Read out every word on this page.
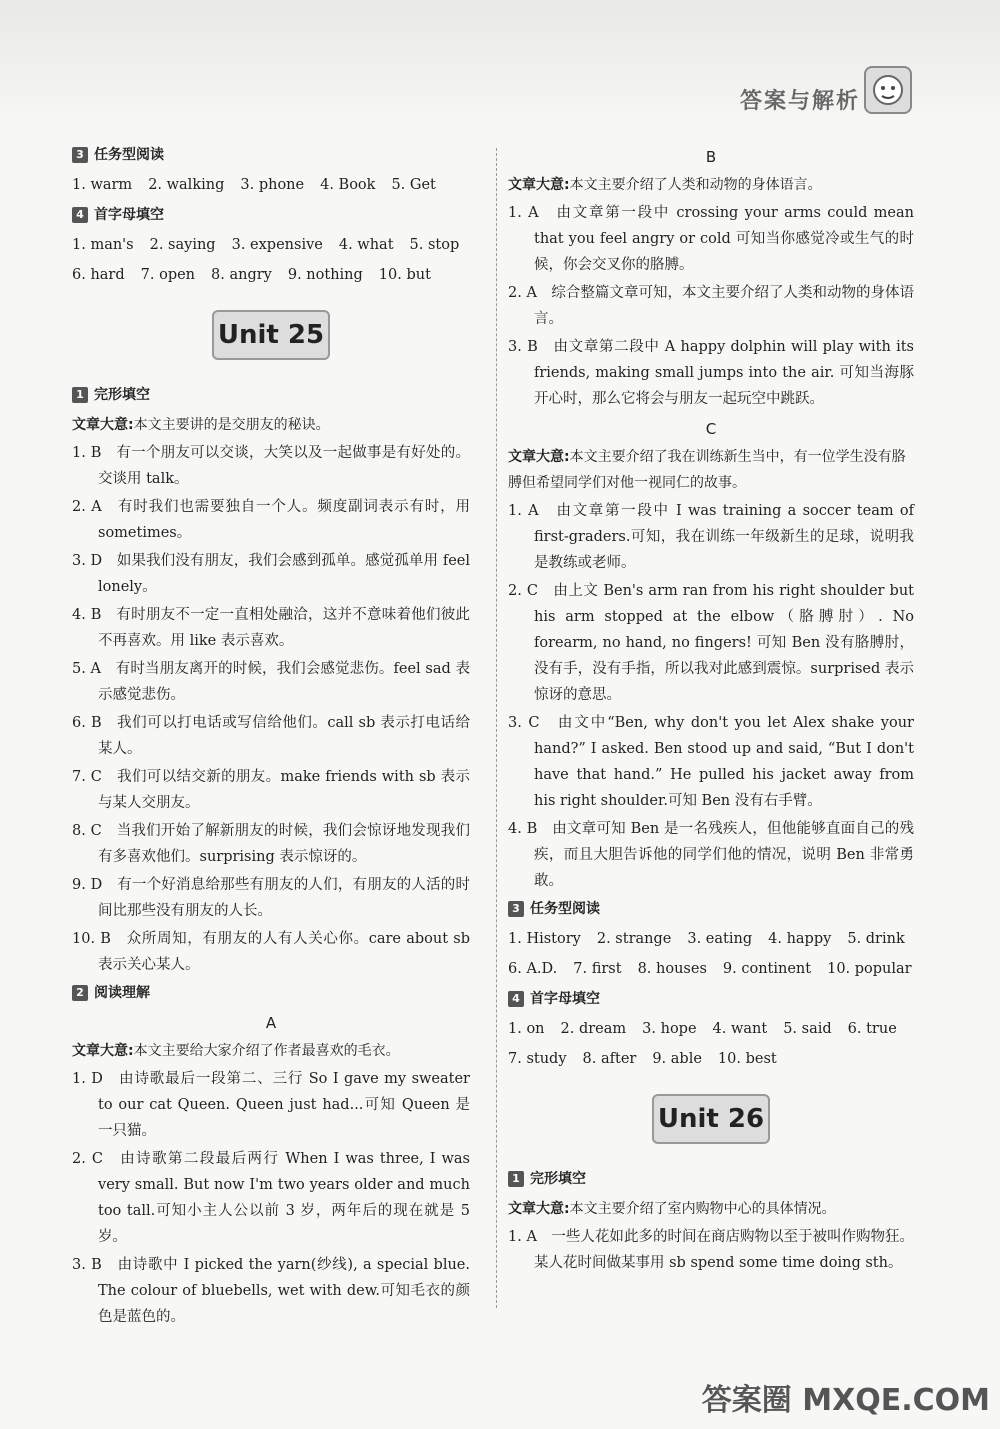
答案与解析
3 任务型阅读
1. warm 2. walking 3. phone 4. Book 5. Get
4 首字母填空
1. man's 2. saying 3. expensive 4. what 5. stop
6. hard 7. open 8. angry 9. nothing 10. but
Unit 25
1 完形填空
文章大意:本文主要讲的是交朋友的秘诀。
1. B　有一个朋友可以交谈，大笑以及一起做事是有好处的。交谈用 talk。
2. A　有时我们也需要独自一个人。频度副词表示有时，用 sometimes。
3. D　如果我们没有朋友，我们会感到孤单。感觉孤单用 feel lonely。
4. B　有时朋友不一定一直相处融洽，这并不意味着他们彼此不再喜欢。用 like 表示喜欢。
5. A　有时当朋友离开的时候，我们会感觉悲伤。feel sad 表示感觉悲伤。
6. B　我们可以打电话或写信给他们。call sb 表示打电话给某人。
7. C　我们可以结交新的朋友。make friends with sb 表示与某人交朋友。
8. C　当我们开始了解新朋友的时候，我们会惊讶地发现我们有多喜欢他们。surprising 表示惊讶的。
9. D　有一个好消息给那些有朋友的人们，有朋友的人活的时间比那些没有朋友的人长。
10. B　众所周知，有朋友的人有人关心你。care about sb 表示关心某人。
2 阅读理解
A
文章大意:本文主要给大家介绍了作者最喜欢的毛衣。
1. D　由诗歌最后一段第二、三行 So I gave my sweater to our cat Queen. Queen just had...可知 Queen 是一只猫。
2. C　由诗歌第二段最后两行 When I was three, I was very small. But now I'm two years older and much too tall.可知小主人公以前 3 岁，两年后的现在就是 5 岁。
3. B　由诗歌中 I picked the yarn(纱线), a special blue. The colour of bluebells, wet with dew.可知毛衣的颜色是蓝色的。
B
文章大意:本文主要介绍了人类和动物的身体语言。
1. A　由文章第一段中 crossing your arms could mean that you feel angry or cold 可知当你感觉冷或生气的时候，你会交叉你的胳膊。
2. A　综合整篇文章可知，本文主要介绍了人类和动物的身体语言。
3. B　由文章第二段中 A happy dolphin will play with its friends, making small jumps into the air. 可知当海豚开心时，那么它将会与朋友一起玩空中跳跃。
C
文章大意:本文主要介绍了我在训练新生当中，有一位学生没有胳膊但希望同学们对他一视同仁的故事。
1. A　由文章第一段中 I was training a soccer team of first-graders.可知，我在训练一年级新生的足球，说明我是教练或老师。
2. C　由上文 Ben's arm ran from his right shoulder but his arm stopped at the elbow（胳膊肘）. No forearm, no hand, no fingers! 可知 Ben 没有胳膊肘，没有手，没有手指，所以我对此感到震惊。surprised 表示惊讶的意思。
3. C　由文中“Ben, why don't you let Alex shake your hand?” I asked. Ben stood up and said, “But I don't have that hand.” He pulled his jacket away from his right shoulder.可知 Ben 没有右手臂。
4. B　由文章可知 Ben 是一名残疾人，但他能够直面自己的残疾，而且大胆告诉他的同学们他的情况，说明 Ben 非常勇敢。
3 任务型阅读
1. History 2. strange 3. eating 4. happy 5. drink
6. A.D. 7. first 8. houses 9. continent 10. popular
4 首字母填空
1. on 2. dream 3. hope 4. want 5. said 6. true
7. study 8. after 9. able 10. best
Unit 26
1 完形填空
文章大意:本文主要介绍了室内购物中心的具体情况。
1. A　一些人花如此多的时间在商店购物以至于被叫作购物狂。某人花时间做某事用 sb spend some time doing sth。
答案圈 MXQE.COM
